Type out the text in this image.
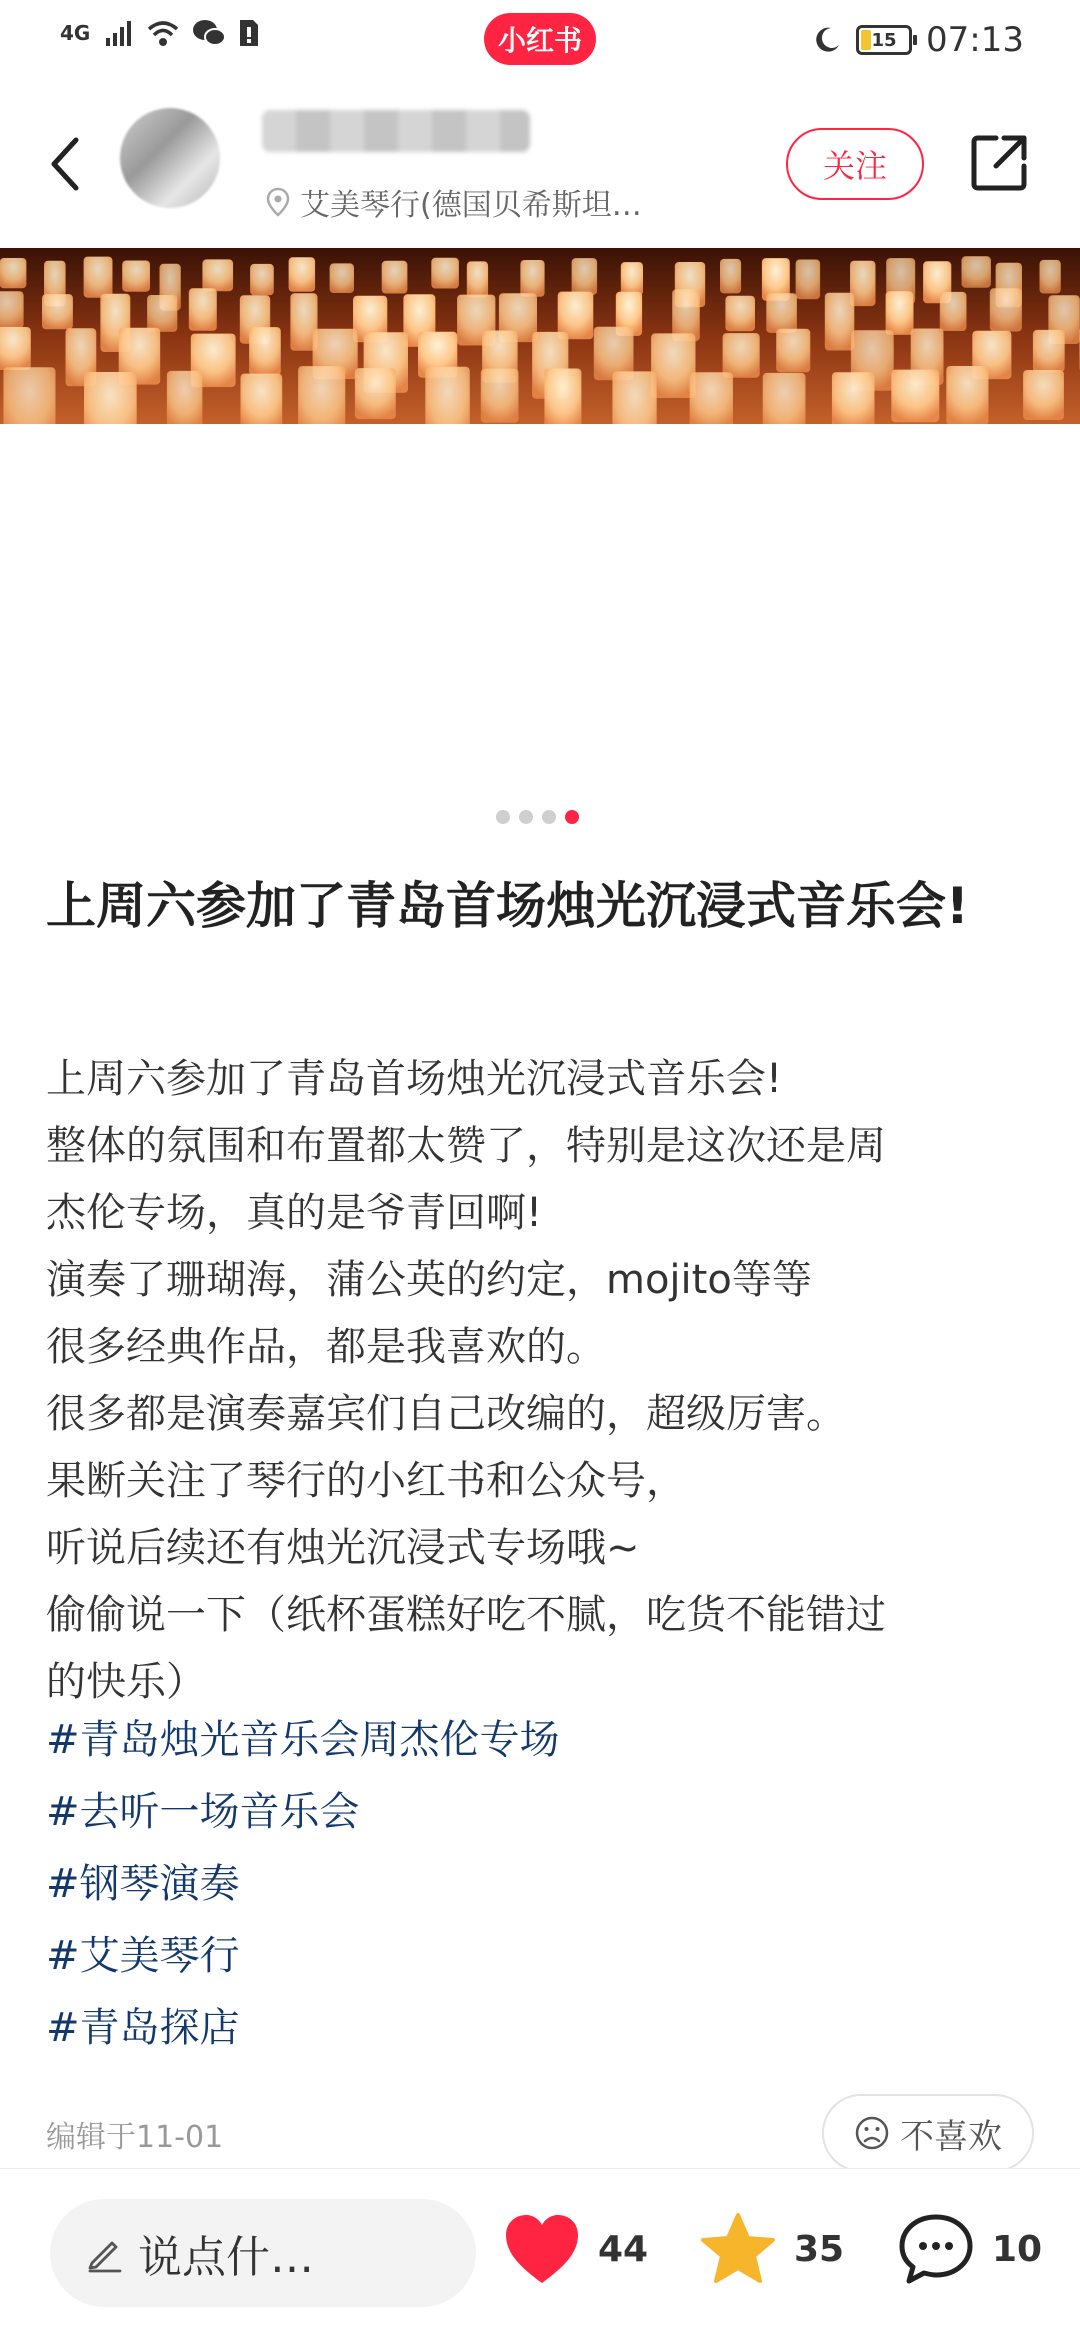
4G	小红书	15 07:13
艾美琴行(德国贝希斯坦…
关注
上周六参加了青岛首场烛光沉浸式音乐会!
上周六参加了青岛首场烛光沉浸式音乐会!
整体的氛围和布置都太赞了，特别是这次还是周
杰伦专场，真的是爷青回啊!
演奏了珊瑚海，蒲公英的约定，mojito等等
很多经典作品，都是我喜欢的。
很多都是演奏嘉宾们自己改编的，超级厉害。
果断关注了琴行的小红书和公众号，
听说后续还有烛光沉浸式专场哦~
偷偷说一下（纸杯蛋糕好吃不腻，吃货不能错过
的快乐）
#青岛烛光音乐会周杰伦专场
#去听一场音乐会
#钢琴演奏
#艾美琴行
#青岛探店
编辑于11-01	不喜欢
说点什…	44	35	10
